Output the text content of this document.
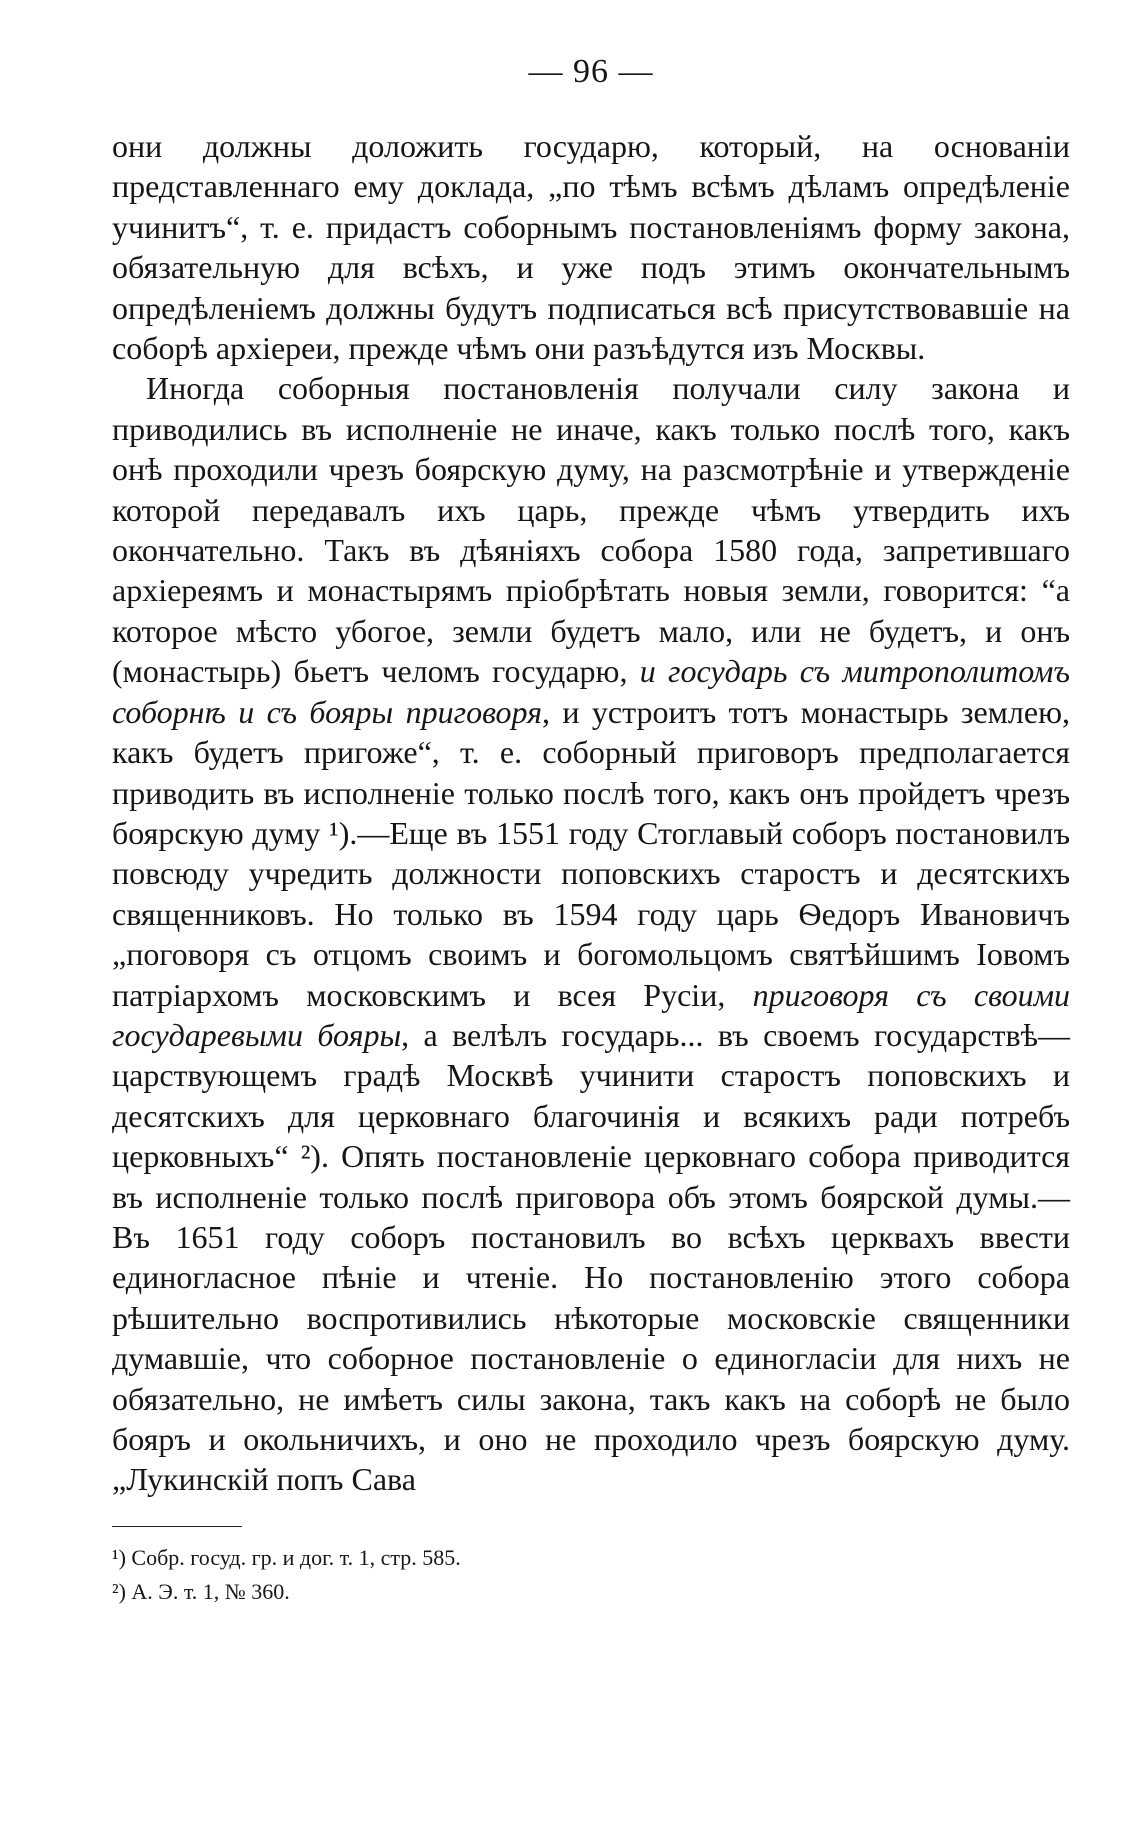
— 96 —

они должны доложить государю, который, на основаніи представленнаго ему доклада, „по тѣмъ всѣмъ дѣламъ опредѣленіе учинитъ“, т. е. придастъ соборнымъ постановленіямъ форму закона, обязательную для всѣхъ, и уже подъ этимъ окончательнымъ опредѣленіемъ должны будутъ подписаться всѣ присутствовавшіе на соборѣ архіереи, прежде чѣмъ они разъѣдутся изъ Москвы.

Иногда соборныя постановленія получали силу закона и приводились въ исполненіе не иначе, какъ только послѣ того, какъ онѣ проходили чрезъ боярскую думу, на разсмотрѣніе и утвержденіе которой передавалъ ихъ царь, прежде чѣмъ утвердить ихъ окончательно. Такъ въ дѣяніяхъ собора 1580 года, запретившаго архіереямъ и монастырямъ пріобрѣтать новыя земли, говорится: “а которое мѣсто убогое, земли будетъ мало, или не будетъ, и онъ (монастырь) бьетъ челомъ государю, и государь съ митрополитомъ соборнѣ и съ бояры приговоря, и устроитъ тотъ монастырь землею, какъ будетъ пригоже“, т. е. соборный приговоръ предполагается приводить въ исполненіе только послѣ того, какъ онъ пройдетъ чрезъ боярскую думу ¹).—Еще въ 1551 году Стоглавый соборъ постановилъ повсюду учредить должности поповскихъ старостъ и десятскихъ священниковъ. Но только въ 1594 году царь Ѳедоръ Ивановичъ „поговоря съ отцомъ своимъ и богомольцомъ святѣйшимъ Іовомъ патріархомъ московскимъ и всея Русіи, приговоря съ своими государевыми бояры, а велѣлъ государь... въ своемъ государствѣ—царствующемъ градѣ Москвѣ учинити старостъ поповскихъ и десятскихъ для церковнаго благочинія и всякихъ ради потребъ церковныхъ“ ²). Опять постановленіе церковнаго собора приводится въ исполненіе только послѣ приговора объ этомъ боярской думы.—Въ 1651 году соборъ постановилъ во всѣхъ церквахъ ввести единогласное пѣніе и чтеніе. Но постановленію этого собора рѣшительно воспротивились нѣкоторые московскіе священники думавшіе, что соборное постановленіе о единогласіи для нихъ не обязательно, не имѣетъ силы закона, такъ какъ на соборѣ не было бояръ и окольничихъ, и оно не проходило чрезъ боярскую думу. „Лукинскій попъ Сава

¹) Собр. госуд. гр. и дог. т. 1, стр. 585.

²) А. Э. т. 1, № 360.
